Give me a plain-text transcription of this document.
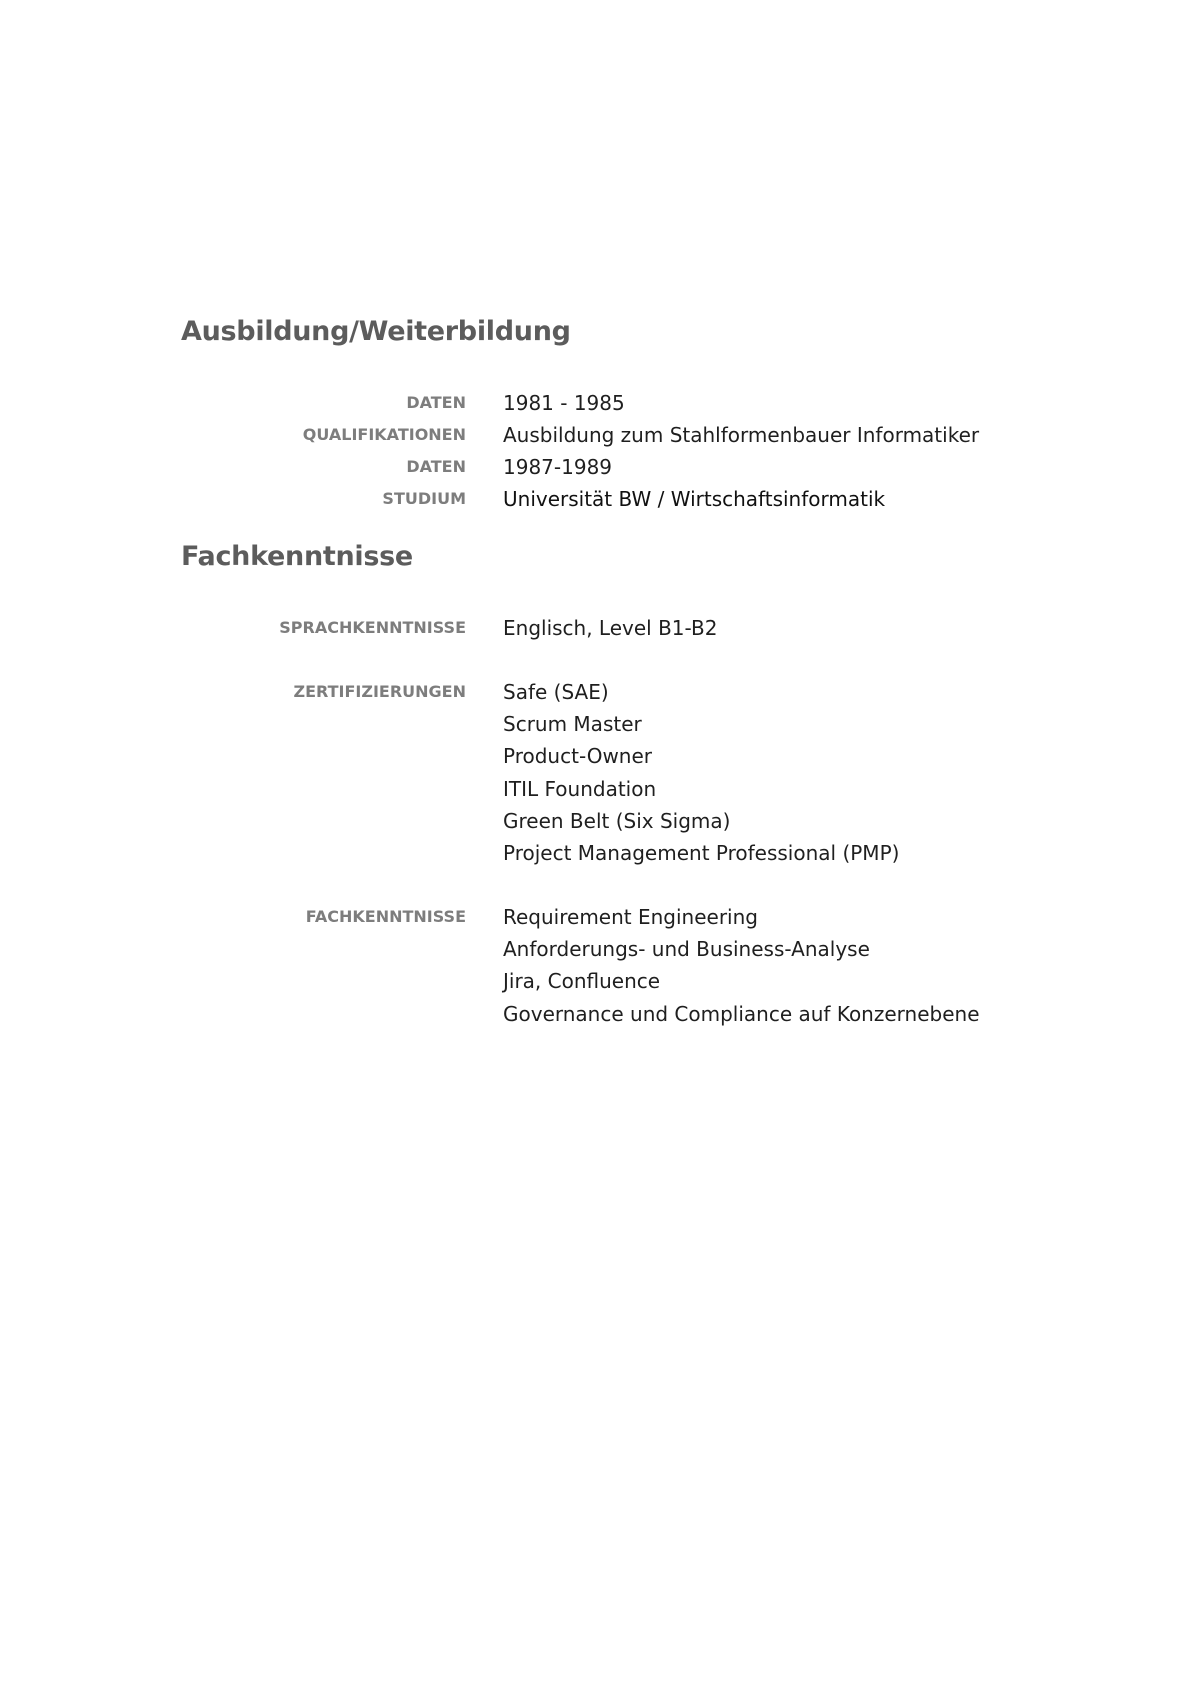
Ausbildung/Weiterbildung
DATEN 1981 - 1985
QUALIFIKATIONEN Ausbildung zum Stahlformenbauer Informatiker
DATEN 1987-1989
STUDIUM Universität BW / Wirtschaftsinformatik
Fachkenntnisse
SPRACHKENNTNISSE Englisch, Level B1-B2
ZERTIFIZIERUNGEN Safe (SAE)
Scrum Master
Product-Owner
ITIL Foundation
Green Belt (Six Sigma)
Project Management Professional (PMP)
FACHKENNTNISSE Requirement Engineering
Anforderungs- und Business-Analyse
Jira, Confluence
Governance und Compliance auf Konzernebene
